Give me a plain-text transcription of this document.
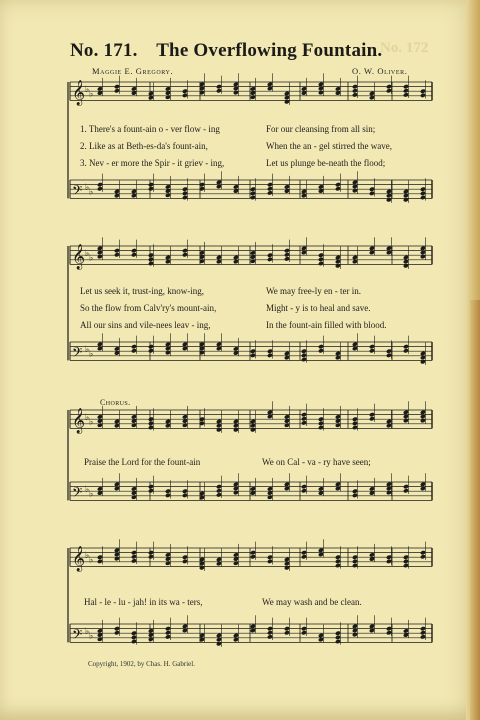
No. 171. The Overflowing Fountain.
No. 172
Maggie E. Gregory.	O. W. Oliver.
𝄞 ♭ ♭
𝄢 ♭ ♭
𝄞 ♭ ♭
𝄢 ♭ ♭
𝄞 ♭ ♭
𝄢 ♭ ♭
𝄞 ♭ ♭
𝄢 ♭ ♭
1. There's a fount-ain o - ver flow - ing	For our cleansing from all sin;
2. Like as at Beth-es-da's fount-ain,	When the an - gel stirred the wave,
3. Nev - er more the Spir - it griev - ing,	Let us plunge be-neath the flood;
Let us seek it, trust-ing, know-ing,	We may free-ly en - ter in.
So the flow from Calv'ry's mount-ain,	Might - y is to heal and save.
All our sins and vile-nees leav - ing,	In the fount-ain filled with blood.
Chorus.
Praise the Lord for the fount-ain	We on Cal - va - ry have seen;
Hal - le - lu - jah! in its wa - ters,	We may wash and be clean.
Copyright, 1902, by Chas. H. Gabriel.
